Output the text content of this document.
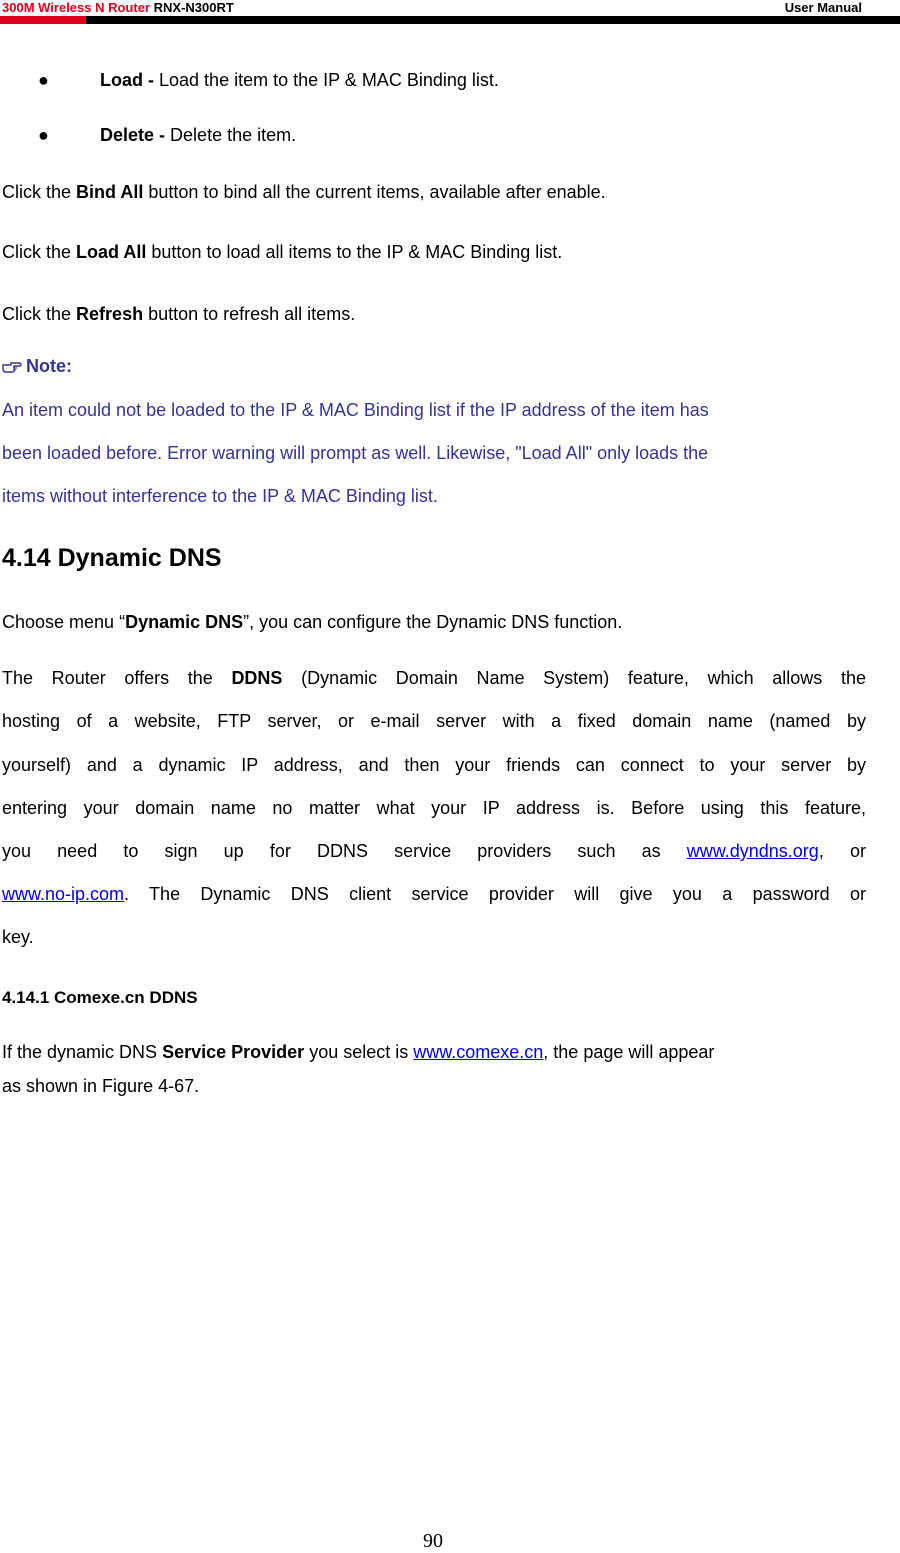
300M Wireless N Router RNX-N300RT	User Manual
●	Load - Load the item to the IP & MAC Binding list.
●	Delete - Delete the item.
Click the Bind All button to bind all the current items, available after enable.
Click the Load All button to load all items to the IP & MAC Binding list.
Click the Refresh button to refresh all items.
Note:
An item could not be loaded to the IP & MAC Binding list if the IP address of the item has
been loaded before. Error warning will prompt as well. Likewise, "Load All" only loads the
items without interference to the IP & MAC Binding list.
4.14 Dynamic DNS
Choose menu “Dynamic DNS”, you can configure the Dynamic DNS function.
The Router offers the DDNS (Dynamic Domain Name System) feature, which allows the
hosting of a website, FTP server, or e-mail server with a fixed domain name (named by
yourself) and a dynamic IP address, and then your friends can connect to your server by
entering your domain name no matter what your IP address is. Before using this feature,
you need to sign up for DDNS service providers such as www.dyndns.org, or
www.no-ip.com. The Dynamic DNS client service provider will give you a password or
key.
4.14.1 Comexe.cn DDNS
If the dynamic DNS Service Provider you select is www.comexe.cn, the page will appear
as shown in Figure 4-67.
90
